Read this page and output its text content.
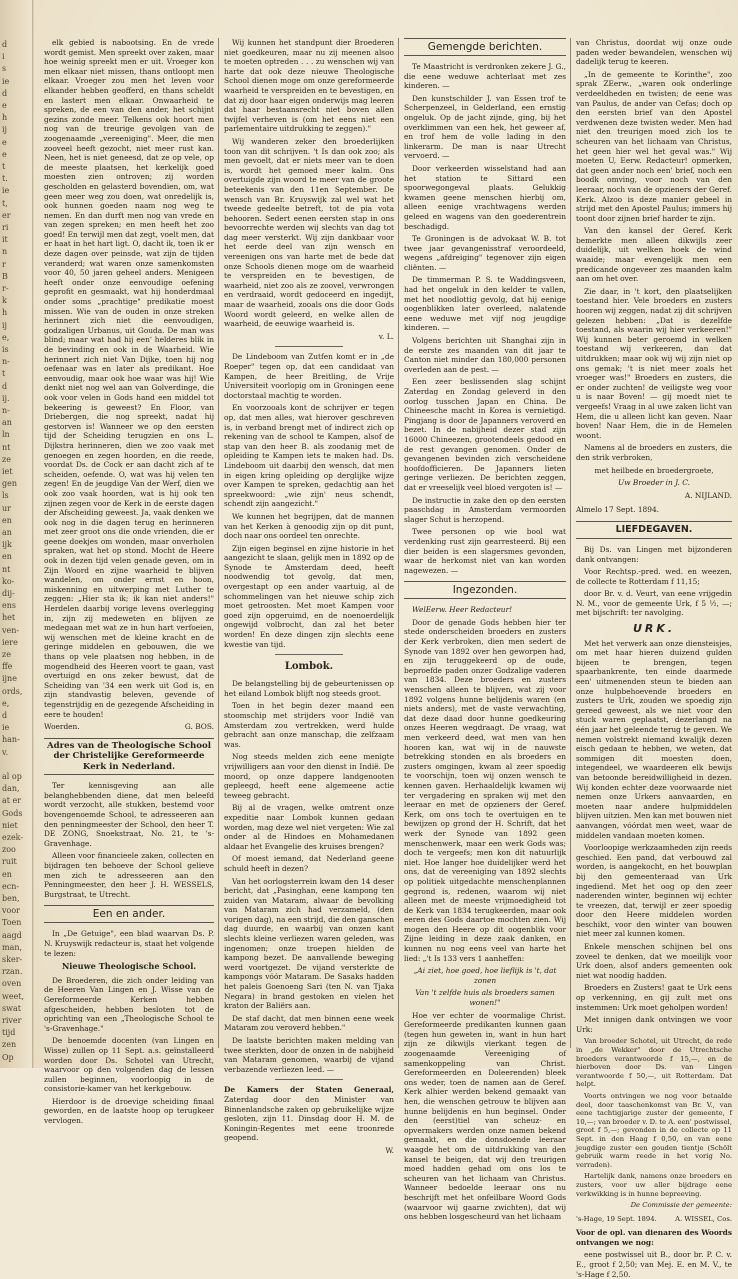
d
i
s
ie
d
e
h
ij
e
e
t
t.
ie
t,
er
ri
it
n
r
B
r-
k
h
ij
e,
is
n-
t
d
ij.
n-
an
ln
nt
ze
iet
gen
ls
ur
en
an
ijk
en
nt
ko-
dij-
ens
het
ven-
iere
ze
ffe
ijne
ords,
e,
d
ie
han-
v.
al op
dan,
at er
Gods
niet
ezek-
zoo
ruit
en
ecn-
ben,
voor
Toen
aagd
man,
sker-
rzan.
oven
weet,
swat
river
tijd
zen
Op

elk gebied is nabootsing. En de vrede wordt gemist. Men spreekt over zaken, maar hoe weinig spreekt men er uit. Vroeger kon men elkaar niet missen, thans ontloopt men elkaar. Vroeger zou men het leven voor elkander hebben geofferd, en thans scheldt en lastert men elkaar. Onwaarheid te spreken, de een van den ander, het schijnt gezins zonde meer. Telkens ook hoort men nog van de treurige gevolgen van de zoogenaamde „vereeniging". Meer, die men zooveel heeft gezocht, niet meer rust kan. Neen, het is niet geneesd, dat ze op vele, op de meeste plaatsen, het kerkelijk goed moesten zien ontroven; zij worden gescholden en gelasterd bovendien, om, wat geen meer weg zou doen, wat onredelijk is, ook hunnen goeden naam nog weg te nemen. En dan durft men nog van vrede en van zegen spreken; en men heeft het zoo goed! En terwijl men dat zegt, voelt men, dat er haat in het hart ligt. O, dacht ik, toen ik er deze dagen over peinsde, wat zijn de tijden veranderd; wat waren onze samenkomsten voor 40, 50 jaren geheel anders. Menigeen heeft onder onze eenvoudige oefening geprofit en gesmaakt, wat hij honderdmaal onder soms „prachtige" predikatie moest missen. Wie van de ouden in onze streken herinnert zich niet die eenvoudigen, godzaligen Urbanus, uit Gouda. De man was blind; maar wat had hij een' helderes blik in de bevinding en ook in de Waarheid. Wie herinnert zich niet Van Dijke, toen hij nog oefenaar was en later als predikant. Hoe eenvoudig, maar ook hoe waar was hij! Wie denkt niet nog wel aan van Golverdinge, die ook voor velen in Gods hand een middel tot bekeering is geweest? En Floor, van Driebergen, die nog spreekt, nadat hij gestorven is! Wanneer we op den eersten tijd der Scheiding terugzien en ons L. Dijkstra herinneren, dien we zoo vaak met genoegen en zegen hoorden, en die reede, voordat Ds. de Cock er aan dacht zich af te scheiden, oefende. O, wat was hij velen ten zegen! En de jeugdige Van der Werf, dien we ook zoo vaak hoorden, wat is hij ook ten zijnen zegen voor de Kerk in de eerste dagen der Afscheiding geweest. Ja, vaak denken we ook nog in die dagen terug en herinneren met zeer groot ons die onde vrienden, die er geene doekjes om wonden, maar onverholen spraken, wat het op stond. Mocht de Heere ook in dezen tijd velen genade geven, om in Zijn Woord en zijne waarheid te blijven wandelen, om onder ernst en hoon, miskenning en uitwerping met Luther te zeggen: „Hier sta ik; ik kan niet anders!" Herdelen daarbij vorige levens overlegging in, zijn zij medeweten en blijven ze medegaan met wat ze in hun hart verfoeien, wij wenschen met de kleine kracht en de geringe middelen en gebouwen, die we thans op vele plaatsen nog hebben, in de mogendheid des Heeren voort te gaan, vast overtuigd en ons zeker bewust, dat de Scheiding van '34 een werk uit God is, en zijn standvastig beleven, gevende of tegenstrijdig en de gezegende Afscheiding in eere te houden!

Woerden.	G. BOS.
Adres van de Theologische School der Christelijke Gereformeerde Kerk in Nederland.

Ter kennisgeving aan alle belanghebbenden diene, dat men beleefd wordt verzocht, alle stukken, bestemd voor bovengenoemde School, te adresseeren aan den penningmeester der School, den heer T. DE ZONG, Snoekstraat, No. 21, te 's-Gravenhage.

Alleen voor financieele zaken, collecten en bijdragen ten behoeve der School gelieve men zich te adresseeren aan den Penningmeester, den heer J. H. WESSELS, Burgstraat, te Utrecht.

Een en ander.

In „De Getuige", een blad waarvan Ds. P. N. Kruyswijk redacteur is, staat het volgende te lezen:

Nieuwe Theologische School.

De Broederen, die zich onder leiding van de Heeren Van Lingen en J. Wisse van de Gereformeerde Kerken hebben afgescheiden, hebben besloten tot de oprichting van een „Theologische School te 's-Gravenhage."

De benoemde docenten (van Lingen en Wisse) zullen op 11 Sept. a.s. geïnstalleerd worden door Ds. Schotel van Utrecht, waarvoor op den volgenden dag de lessen zullen beginnen, voorloopig in de consistorie-kamer van het kerkgebouw.

Hierdoor is de droevige scheiding finaal geworden, en de laatste hoop op terugkeer vervlogen.

Wij kunnen het standpunt dier Broederen niet goedkeuren, maar nu zij meenen alsoo te moeten optreden . . . zu wenschen wij van harte dat ook deze nieuwe Theologische School dienen moge om onze gereformeerde waarheid te verspreiden en te bevestigen, en dat zij door haar eigen onderwijs mag leeren dat haar bestaansrecht niet boven allen twijfel verheven is (om het eens niet een parlementaire uitdrukking te zeggen)."

Wij wanderen zeker den broederlijken toon van dit schrijven. 't Is dan ook zoo; als men gevoelt, dat er niets meer van te doen is, wordt het gemoed meer kalm. Ons overtuigde zijn woord te meer van de groote beteekenis van den 11en September. De wensch van Br. Kruyswijk zal wel wat het tweede gedeelte betreft, tot de pia vota behooren. Sedert eenen eersten stap in ons bevoorrechte werden wij slechts van dag tot dag meer versterkt. Wij zijn dankbaar voor het eerde deel van zijn wensch en vereenigen ons van harte met de bede dat onze Schools dienen moge om de waarheid te verspreiden en te bevestigen, de waarheid, niet zoo als ze zoovel, verwrongen en verdraaid, wordt gedoceerd en ingedijt, maar de waarheid, zooals ons die door Gods Woord wordt geleerd, en welke allen de waarheid, de eeuwige waarheid is.

v. L.

De Lindeboom van Zutfen komt er in „de Roeper" tegen op, dat een candidaat van Kampen, de heer Breitling, de Vrije Universiteit voorlopig om in Groningen eene doctorstaal machtig te worden.

En voorzooals kont de schrijver er tegen op, dat men alles, wat hierover geschreven is, in verband brengt met of indirect zich op rekening van de school te Kampen, alsof de stap van den heer B. als zoodanig met de opleiding te Kampen iets te maken had. Ds. Lindeboom uit daarbij den wensch, dat men in eigen kring opleiding op derglijke wijze over Kampen te spreken, gedachtig aan het spreekwoord: „wie zijn' neus schendt, schendt zijn aangezicht."

We kunnen het begrijpen, dat de mannen van het Kerken à genoodig zijn op dit punt, doch naar ons oordeel ten onrechte.

Zijn eigen beginsel en zijne historie in het aangezicht te slaan, gelijk men in 1892 op de Synode te Amsterdam deed, heeft noodwendig tot gevolg, dat men, overgestapt op een ander vaartuig, al de schommelingen van het nieuwe schip zich moet getroosten. Met moet Kampen voor goed zijn opgeruimd, en de noenoerdelijk ongewijd volbrocht, dan zal het beter worden! En deze dingen zijn slechts eene kwestie van tijd.

Lombok.

De belangstelling bij de gebeurtenissen op het eiland Lombok blijft nog steeds groot.

Toen in het begin dezer maand een stoomschip met strijders voor Indië van Amsterdam zou vertrekken, werd hulde gebracht aan onze manschap, die zelfzaam was.

Nog steeds melden zich eene menigte vrijwilligers aan voor den dienst in Indië. De moord, op onze dappere landgenooten gepleegd, heeft eene algemeene actie teweeg gebracht.

Bij al de vragen, welke omtrent onze expeditie naar Lombok kunnen gedaan worden, mag deze wel niet vergeten: Wie zal onder al de Hindoes en Mohamedanen aldaar het Evangelie des kruises brengen?

Of moest iemand, dat Nederland geene schuld heeft in dezen?

Van het oorlogsterrein kwam den 14 deser bericht, dat „Pasinghan, eene kampong ten zuiden van Mataram, alwaar de bevolking van Mataram zich had verzameld, (den vorigen dag), na een strijd, die den ganschen dag duurde, en waarbij van onzen kant slechts kleine verliezen waren geleden, was ingenomen; onze troepen hielden de kampong bezet. De aanvallende beweging werd voortgezet. De vijand versterkte de kampongs vóór Mataram. De Sasaks hadden het paleis Goenoeng Sari (ten N. van Tjaka Negara) in brand gestoken en vielen het kraton der Baliërs aan.

De staf dacht, dat men binnen eene week Mataram zou veroverd hebben."

De laatste berichten maken melding van twee sterkten, door de onzen in de nabijheid van Mataram genomen, waarbij de vijand verbazende verliezen leed. —

De Kamers der Staten Generaal, Zaterdag door den Minister van Binnenlandsche zaken op gebruikelijke wijze gesloten, zijn 11. Dinsdag door H. M. de Koningin-Regentes met eene troonrede geopend.

W.
Gemengde berichten.

Te Maastricht is verdronken zekere J. G., die eene weduwe achterlaat met zes kinderen. —

Den kunstschilder J. van Essen trof te Scherpenzeel, in Gelderland, een ernstig ongeluk. Op de jacht zijnde, ging, bij het overklimmen van een hek, het geweer af, en trof hem de volle lading in den linkerarm. De man is naar Utrecht vervoerd. —

Door verkeerden wisselstand had aan het station te Sittard een spoorwegongeval plaats. Gelukkig kwamen geene menschen hierbij om, alleen eenige vrachtwagens werden geleed en wagens van den goederentrein beschadigd.

Te Groningen is de advokaat W. B. tot twee jaar gevangenisstraf veroordeeld, wegens „afdreiging" tegenover zijn eigen cliënten. —

De timmerman P. S. te Waddingsveen, had het ongeluk in den kelder te vallen, met het noodlottig gevolg, dat hij eenige oogenblikken later overleed, nalatende eene weduwe met vijf nog jeugdige kinderen. —

Volgens berichten uit Shanghai zijn in de eerste zes maanden van dit jaar te Canton niet minder dan 180,000 personen overleden aan de pest. —

Een zeer beslissenden slag schijnt Zaterdag en Zondag geleverd in den oorlog tusschen Japan en China. De Chineesche macht in Korea is vernietigd. Pingjang is door de Japanners veroverd en bezet. In de nabijheid dezer stad zijn 16000 Chineezen, grootendeels gedood en de rest gevangen genomen. Onder de gevangenen bevinden zich verscheidene hoofdofficieren. De Japanners lieten geringe verliezen. De berichten zeggen, dat er vreeselijk veel bloed vergoten is! —

De instructie in zake den op den eersten paaschdag in Amsterdam vermoorden slager Schut is herzopend.

Twee personen op wie bool wat verdenking rust zijn gearresteerd. Bij een dier beiden is een slagersmes gevonden, waar de herkomst niet van kan worden nagewezen. —

Ingezonden.

WelEerw. Heer Redacteur!

Door de genade Gods hebben hier ter stede onderscheiden broeders en zusters der Kerk verbroken, dien men sedert de Synode van 1892 over hen geworpen had, en zijn teruggekeerd op de oude, beproefde paden onzer Godzalige vaderen van 1834. Deze broeders en zusters wenschen alleen te blijven, wat zij voor 1892 volgens hunne belijdenis waren (en niets anders), met de vaste verwachting, dat deze daad door hunne goedkeuring onzes Heeren wegdraagt. De vraag, wat men verkeerd deed, wat men van hen hooren kan, wat wij in de nauwste betrekking stonden en als broeders en zusters omgingen, kwam al zeer spoedig te voorschijn, toen wij onzen wensch te kennen gaven. Herhaaldelijk kwamen wij ter vergadering en spraken wij met den leeraar en met de opzieners der Geref. Kerk, om ons toch te overtuigen en te bewijzen op grond der H. Schrift, dat het werk der Synode van 1892 geen menschenwerk, maar een werk Gods was; doch te vergeefs; men kon dit natuurlijk niet. Hoe langer hoe duidelijker werd het ons, dat de vereeniging van 1892 slechts op politiek uitgedachte menschenplannen gegrond is, redenen, waarom wij niet alleen met de meeste vrijmoedigheid tot de Kerk van 1834 terugkeerden, maar ook eeren des Gods daartoe mochten zien. Wij mogen den Heere op dit oogenblik voor Zijne leiding in deze zaak danken, en kunnen nu nog eens veel van harte het lied: „'t Is 133 vers 1 aanheffen:

„Ai ziet, hoe goed, hoe lieflijk is 't, dat zonen

Van 't zelfde huis als broeders samen wonen!"

Hoe ver echter de voormalige Christ. Gereformeerde predikanten kunnen gaan (tegen hun geweten in, want in hun hart zijn ze dikwijls vierkant tegen de zoogenaamde Vereeniging of samenkoppeling van Christ. Gereformeerden en Doleerenden) bleek ons weder, toen de namen aan de Geref. Kerk alhier werden bekend gemaakt van hen, die wenschen getrouw te blijven aan hunne belijdenis en hun beginsel. Onder den (eerst)tiel van scheuz- en opvermakers werden onze namen bekend gemaakt, en die donsdoende leeraar waagde het om de uitdrukking van den kansel te beigen, dat wij den treurigen moed hadden gehad om ons los te scheuren van het lichaam van Christus. Wanneer bedoelde leeraar ons nu beschrijft met het onfeilbare Woord Gods (waarvoor wij gaarne zwichten), dat wij ons hebben losgescheurd van het lichaam

van Christus, doordat wij onze oude paden weder bewandelen, wenschen wij dadelijk terug te keeren.

„In de gemeente te Korinthe", zoo sprak ZEerw., „waren ook onderlinge verdeeldheden en twisten; de eene was van Paulus, de ander van Cefas; doch op den eersten brief van den Apostel verdwenen deze twisten weder. Men had niet den treurigen moed zich los te scheuren van het lichaam van Christus, het geen hier wel het geval was." Wij moeten U, Eerw. Redacteur! opmerken, dat geen ander noch een' brief, noch een boodk omving, voor noch van den leeraar, noch van de opzieners der Geref. Kerk. Alzoo is deze manier gebeel in strijd met den Apostel Paulus; immers hij toont door zijnen brief harder te zijn.

Van den kansel der Geref. Kerk bemerkte men alleen dikwijls zeer duidelijk, uit welken hoek de wind waaide; maar evengelijk men een predicande ongeveer zes maanden kalm aan om het over.

Zie daar, in 't kort, den plaatselijken toestand hier. Vele broeders en zusters hooren wij zeggen, nadat zij dit schrijven gelezen hebben: „Dat is dezelfde toestand, als waarin wij hier verkeeren!" Wij kunnen beter geroemd in welken toestand wij verkeeren, dan dat uitdrukken; maar ook wij wij zijn niet op ons gemak; 't is niet meer zoals het vroeger was!" Broeders en zusters, die er onder zuchten! de veiligste weg voor u is naar Boven! — gij moedt niet te vergeefs! Vraag in al uwe zaken licht van Hem, die u alleen licht kan geven. Naar boven! Naar Hem, die in de Hemelen woont.

Namens al de broeders en zusters, die den strik verbroken,

met heilbede en broedergroete,

Uw Broeder in J. C.

A. NIJLAND.

Almelo 17 Sept. 1894.

LIEFDEGAVEN.

Bij Ds. van Lingen met bijzonderen dank ontvangen:

Voor Rechtsp.-pred. wed. en weezen, de collecte te Rotterdam f 11,15;

door Br. v. d. Veurt, van eene vrijgedin N. M., voor de gemeente Urk, f 5 ½, —; met bijschrift: ter navolging.

URK.

Met het verwerk aan onze diensteisjes, om met haar hieren duizend gulden bijeen te brengen, tegen spaarbankrente, ten einde daarmede een' uitmenenden steun te bieden aan onze hulpbehoevende broeders en zusters te Urk, zouden we spoedig zijn gereed geweest, als we niet voor den stuck waren geplaatst, dezerlangd na één jaar het geleende terug te geven. We nemen volstrekt niemand kwalijk dezen eisch gedaan te hebben, we weten, dat sommigen dit moesten doen, integendeel, we waardeeren elk bewijs van betoonde bereidwilligheid in dezen. Wij konden echter deze voorwaarde niet nemen onze Urkers aanvaarden, en moeten naar andere hulpmiddelen blijven uitzien. Men kan met bouwen niet aanvangen, vóórdat men weet, waar de middelen vandaan moeten komen.

Voorloopige werkzaamheden zijn reeds geschied. Een pand, dat verbouwd zal worden, is aangekocht, en het bouwplan bij den gemeenteraad van Urk ingediend. Met het oog op den zeer naderenden winter, beginnen wij echter te vreezen, dat, terwijl er zeer spoedig door den Heere middelen worden beschikt, voor den winter van bouwen niet meer zal kunnen komen.

Enkele menschen schijnen bel ons zoveel te denken, dat we moeilijk voor Urk doen, alsof anders gemeenten ook niet wat noodig hadden.

Broeders en Zusters! gaat te Urk eens op verkenning, en gij zult met ons instemmen: Urk moet geholpen worden!

Met innigen dank ontvingen we voor Urk:

Van broeder Schotel, uit Utrecht, de rede in „de Wekker" door de Utrechtsche broeders verantwoorde f 15,—, en de hierboven door Ds. van Lingen verantwoorde f 50,—, uit Rotterdam. Dat helpt.

Voorts ontvingen we nog voor betaalde deel, door taaschenkomst van Br. V., van eene tachtigjarige zuster der gemeente, f 10,—; van broeder v. D. te A. een' postwissel, groot f 5,—; gevonden in de collecte op 11 Sept. in den Haag f 0,50, en van eene jeugdige zuster een gouden tientje (Schölt gebruik warm reede in het vorig No. verraden).

Hartelijk dank, namens onze broeders en zusters, voor uw aller bijdrage eene verkwikking is in hunne bepreeving.

De Commissie der gemeente:
's-Hage, 19 Sept. 1894.	A. WISSEL, Cos.

Voor de opl. van dienaren des Woords ontvangen we nog:

eene postwissel uit B., door br. P. C. v. E., groot f 2,50; van Mej. E. en M. V., te 's-Hage f 2,50.
